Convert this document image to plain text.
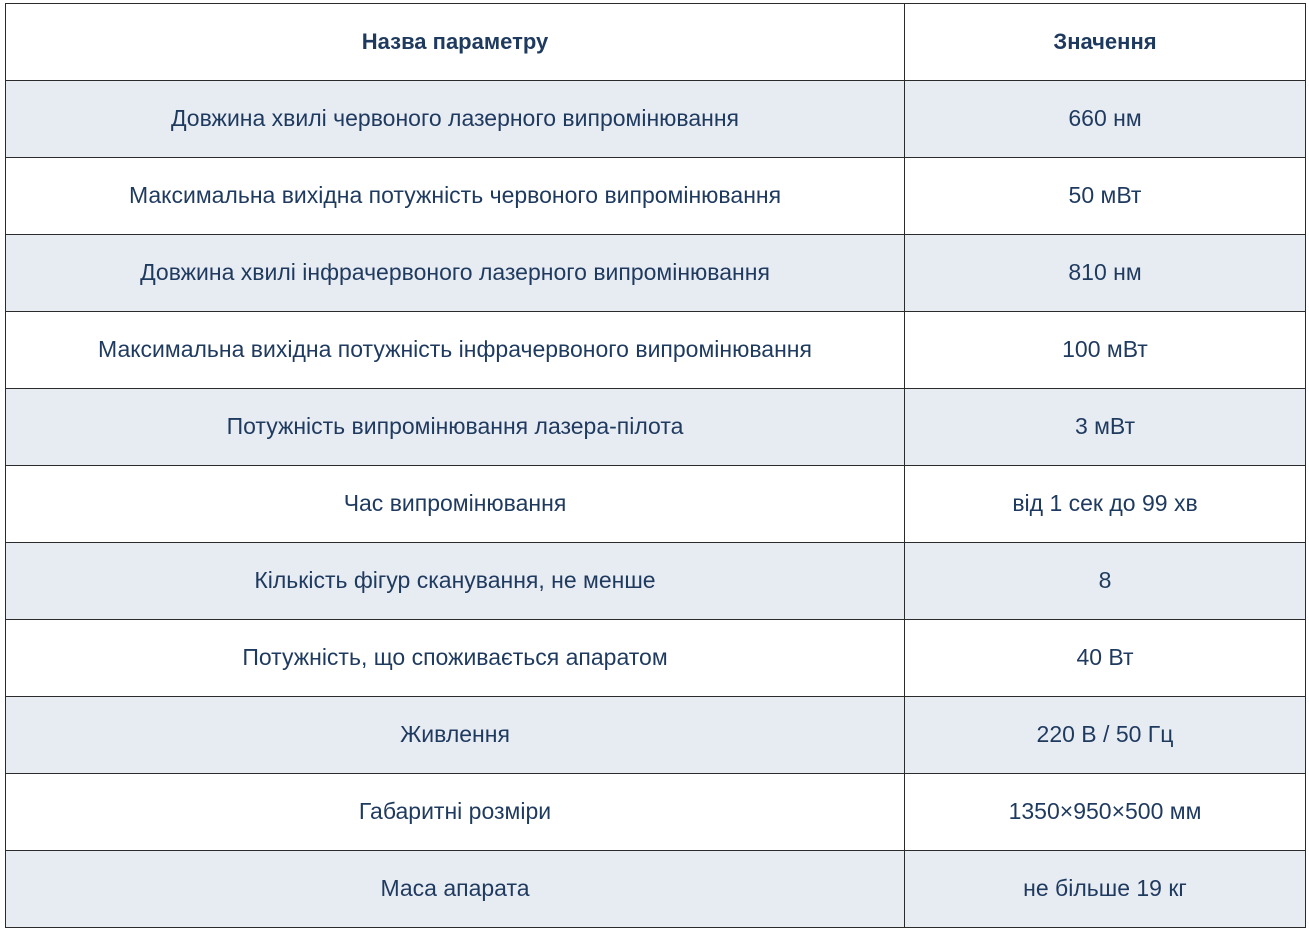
Назва параметру	Значення
Довжина хвилі червоного лазерного випромінювання	660 нм
Максимальна вихідна потужність червоного випромінювання	50 мВт
Довжина хвилі інфрачервоного лазерного випромінювання	810 нм
Максимальна вихідна потужність інфрачервоного випромінювання	100 мВт
Потужність випромінювання лазера-пілота	3 мВт
Час випромінювання	від 1 сек до 99 хв
Кількість фігур сканування, не менше	8
Потужність, що споживається апаратом	40 Вт
Живлення	220 В / 50 Гц
Габаритні розміри	1350×950×500 мм
Маса апарата	не більше 19 кг
